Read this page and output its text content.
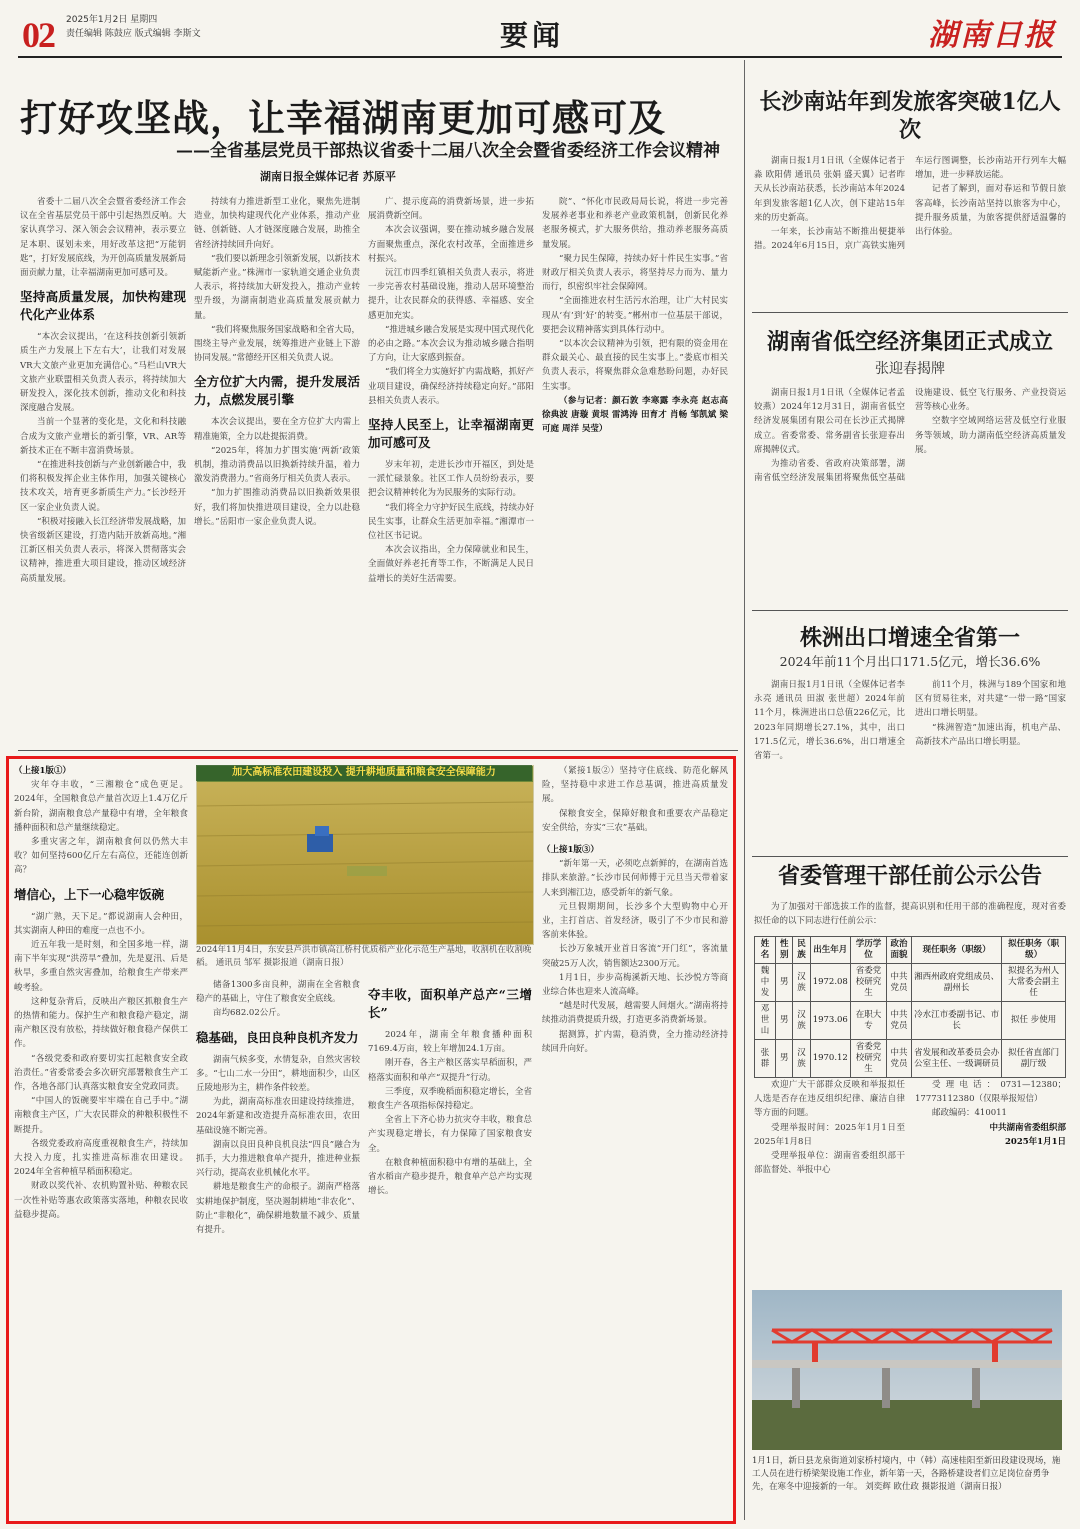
02 2025年1月2日 星期四
责任编辑 陈鼓应 版式编辑 李斯文	要闻	湖南日报
打好攻坚战，让幸福湖南更加可感可及
——全省基层党员干部热议省委十二届八次全会暨省委经济工作会议精神
湖南日报全媒体记者 苏原平

省委十二届八次全会暨省委经济工作会议在全省基层党员干部中引起热烈反响。大家认真学习、深入领会会议精神，表示要立足本职、谋划未来，用好改革这把“万能钥匙”，打好发展底线，为开创高质量发展新局面贡献力量，让幸福湖南更加可感可及。

坚持高质量发展，加快构建现代化产业体系

“本次会议提出，‘在这科技创新引领新质生产力发展上下左右大’，让我们对发展VR大文旅产业更加充满信心。”马栏山VR大文旅产业联盟相关负责人表示，将持续加大研发投入，深化技术创新，推动文化和科技深度融合发展。

当前一个显著的变化是，文化和科技融合成为文旅产业增长的新引擎，VR、AR等新技术正在不断丰富消费场景。

“在推进科技创新与产业创新融合中，我们将积极发挥企业主体作用，加强关键核心技术攻关，培育更多新质生产力。”长沙经开区一家企业负责人说。

“积极对接融入长江经济带发展战略，加快省级新区建设，打造内陆开放新高地。”湘江新区相关负责人表示，将深入贯彻落实会议精神，推进重大项目建设，推动区域经济高质量发展。

持续有力推进新型工业化，聚焦先进制造业，加快构建现代化产业体系，推动产业链、创新链、人才链深度融合发展，助推全省经济持续回升向好。

“我们要以新理念引领新发展，以新技术赋能新产业。”株洲市一家轨道交通企业负责人表示，将持续加大研发投入，推动产业转型升级，为湖南制造业高质量发展贡献力量。

“我们将聚焦服务国家战略和全省大局，围绕主导产业发展，统筹推进产业链上下游协同发展。”常德经开区相关负责人说。

全方位扩大内需，提升发展活力，点燃发展引擎

本次会议提出，要在全方位扩大内需上精准施策，全力以赴提振消费。

“2025年，将加力扩围实施‘两新’政策机制，推动消费品以旧换新持续升温，着力激发消费潜力。”省商务厅相关负责人表示。

“加力扩围推动消费品以旧换新效果很好，我们将加快推进项目建设，全力以赴稳增长。”岳阳市一家企业负责人说。

广、提示度高的消费新场景，进一步拓展消费新空间。

本次会议强调，要在推动城乡融合发展方面聚焦重点，深化农村改革，全面推进乡村振兴。

沅江市四季红镇相关负责人表示，将进一步完善农村基础设施，推动人居环境整治提升，让农民群众的获得感、幸福感、安全感更加充实。

“推进城乡融合发展是实现中国式现代化的必由之路。”本次会议为推动城乡融合指明了方向，让大家感到振奋。

“我们将全力实施好扩内需战略，抓好产业项目建设，确保经济持续稳定向好。”邵阳县相关负责人表示。

坚持人民至上，让幸福湖南更加可感可及

岁末年初，走进长沙市开福区，到处是一派忙碌景象。社区工作人员纷纷表示，要把会议精神转化为为民服务的实际行动。

“我们将全力守护好民生底线，持续办好民生实事，让群众生活更加幸福。”湘潭市一位社区书记说。

本次会议指出，全力保障就业和民生，全面做好养老托育等工作，不断满足人民日益增长的美好生活需要。

院”、“怀化市民政局局长说，将进一步完善发展养老事业和养老产业政策机制，创新民化养老服务模式，扩大服务供给，推动养老服务高质量发展。

“聚力民生保障，持续办好十件民生实事。”省财政厅相关负责人表示，将坚持尽力而为、量力而行，织密织牢社会保障网。

“全面推进农村生活污水治理，让广大村民实现从‘有’到‘好’的转变。”郴州市一位基层干部说，要把会议精神落实到具体行动中。

“以本次会议精神为引领，把有限的资金用在群众最关心、最直接的民生实事上。”娄底市相关负责人表示，将聚焦群众急难愁盼问题，办好民生实事。

（参与记者：颜石敦 李寒露 李永亮 赵志高 徐典波 唐璇 黄垠 雷鸿涛 田育才 肖畅 邹凯斌 梁可庭 周洋 吴莹）

（上接1版①）

灾年夺丰收，“三湘粮仓”成色更足。2024年，全国粮食总产量首次迈上1.4万亿斤新台阶，湖南粮食总产量稳中有增，全年粮食播种面积和总产量继续稳定。

多重灾害之年，湖南粮食何以仍然大丰收？如何坚持600亿斤左右高位，还能连创新高？

增信心，上下一心稳牢饭碗

“湖广熟，天下足。”都说湖南人会种田，其实湖南人种田的难度一点也不小。

近五年我一是时刻，和全国多地一样，湖南下半年实现“洪涝旱”叠加，先是夏汛、后是秋旱，多重自然灾害叠加，给粮食生产带来严峻考验。

这种复杂背后，反映出产粮区抓粮食生产的热情和能力。保护生产和粮食稳产稳定，湖南产粮区没有放松，持续做好粮食稳产保供工作。

“各级党委和政府要切实扛起粮食安全政治责任。”省委常委会多次研究部署粮食生产工作，各地各部门认真落实粮食安全党政同责。

“中国人的饭碗要牢牢端在自己手中。”湖南粮食主产区，广大农民群众的种粮积极性不断提升。

各级党委政府高度重视粮食生产，持续加大投入力度，扎实推进高标准农田建设。2024年全省种植早稻面积稳定。

财政以奖代补、农机购置补贴、种粮农民一次性补贴等惠农政策落实落地，种粮农民收益稳步提高。

加大高标准农田建设投入 提升耕地质量和粮食安全保障能力
2024年11月4日，东安县芦洪市镇高江桥村优质稻产业化示范生产基地，收割机在收割晚稻。 通讯员 邹军 摄影报道（湖南日报）

储备1300多亩良种，湖南在全省粮食稳产的基础上，守住了粮食安全底线。

亩均682.02公斤。

稳基础，良田良种良机齐发力

湖南气候多变，水情复杂，自然灾害较多。“七山二水一分田”，耕地面积少，山区丘陵地形为主，耕作条件较差。

为此，湖南高标准农田建设持续推进，2024年新建和改造提升高标准农田，农田基础设施不断完善。

湖南以良田良种良机良法“四良”融合为抓手，大力推进粮食单产提升，推进种业振兴行动，提高农业机械化水平。

耕地是粮食生产的命根子。湖南严格落实耕地保护制度，坚决遏制耕地“非农化”、防止“非粮化”，确保耕地数量不减少、质量有提升。

夺丰收，面积单产总产“三增长”

2024年，湖南全年粮食播种面积7169.4万亩，较上年增加24.1万亩。

刚开春，各主产粮区落实早稻面积，严格落实面积和单产“双提升”行动。

三季度，双季晚稻面积稳定增长，全省粮食生产各项指标保持稳定。

全省上下齐心协力抗灾夺丰收，粮食总产实现稳定增长，有力保障了国家粮食安全。

在粮食种植面积稳中有增的基础上，全省水稻亩产稳步提升，粮食单产总产均实现增长。

（紧接1版②）坚持守住底线、防范化解风险，坚持稳中求进工作总基调，推进高质量发展。

保粮食安全，保障好粮食和重要农产品稳定安全供给，夯实“三农”基础。

（上接1版③）

“新年第一天，必须吃点新鲜的，在湖南首选排队来旅游。”长沙市民何师傅于元旦当天带着家人来到湘江边，感受新年的新气象。

元旦假期期间，长沙多个大型购物中心开业，主打首店、首发经济，吸引了不少市民和游客前来体验。

长沙万象城开业首日客流“开门红”，客流量突破25万人次，销售额达2300万元。

1月1日，步步高梅溪新天地、长沙悦方等商业综合体也迎来人流高峰。

“越是时代发展，越需要人间烟火。”湖南将持续推动消费提质升级，打造更多消费新场景。

据测算，扩内需，稳消费，全力推动经济持续回升向好。

长沙南站年到发旅客突破1亿人次

湖南日报1月1日讯（全媒体记者于淼 欧阳倩 通讯员 张娟 盛天翼）记者昨天从长沙南站获悉，长沙南站本年2024年到发旅客超1亿人次，创下建站15年来的历史新高。

一年来，长沙南站不断推出便捷举措。2024年6月15日，京广高铁实施列车运行图调整，长沙南站开行列车大幅增加，进一步释放运能。

记者了解到，面对春运和节假日旅客高峰，长沙南站坚持以旅客为中心，提升服务质量，为旅客提供舒适温馨的出行体验。

湖南省低空经济集团正式成立
张迎春揭牌

湖南日报1月1日讯（全媒体记者孟姣燕）2024年12月31日，湖南省低空经济发展集团有限公司在长沙正式揭牌成立。省委常委、常务副省长张迎春出席揭牌仪式。

为推动省委、省政府决策部署，湖南省低空经济发展集团将聚焦低空基础设施建设、低空飞行服务、产业投资运营等核心业务。

空数字空域网络运营及低空行业服务等领域，助力湖南低空经济高质量发展。

株洲出口增速全省第一
2024年前11个月出口171.5亿元，增长36.6%

湖南日报1月1日讯（全媒体记者李永亮 通讯员 田淑 张世超）2024年前11个月，株洲进出口总值226亿元，比2023年同期增长27.1%，其中，出口171.5亿元，增长36.6%，出口增速全省第一。

前11个月，株洲与189个国家和地区有贸易往来，对共建“一带一路”国家进出口增长明显。

“株洲智造”加速出海，机电产品、高新技术产品出口增长明显。

省委管理干部任前公示公告

为了加强对干部选拔工作的监督，提高识别和任用干部的准确程度，现对省委拟任命的以下同志进行任前公示：

姓名	性别	民族	出生年月	学历学位	政治面貌	现任职务（职级）	拟任职务（职级）
魏中发	男	汉族	1972.08	省委党校研究生	中共党员	湘西州政府党组成员、副州长	拟提名为州人大常委会副主任
邓世山	男	汉族	1973.06	在职大专	中共党员	冷水江市委副书记、市长	拟任 步使用
张 群	男	汉族	1970.12	省委党校研究生	中共党员	省发展和改革委员会办公室主任、一级调研员	拟任省直部门副厅级

欢迎广大干部群众反映和举报拟任人选是否存在违反组织纪律、廉洁自律等方面的问题。

受理举报时间：2025年1月1日至2025年1月8日

受理举报单位：湖南省委组织部干部监督处、举报中心

受理电话：0731—12380；17773112380（仅限举报短信）

邮政编码：410011

中共湖南省委组织部

2025年1月1日

1月1日，新日县龙泉街道刘家桥村境内，中（韩）高速桂阳至新田段建设现场，施工人员在进行桥梁架设施工作业，新年第一天，各路桥建设者们立足岗位奋勇争先，在寒冬中迎接新的一年。 刘奕辉 欧仕政 摄影报道（湖南日报）
